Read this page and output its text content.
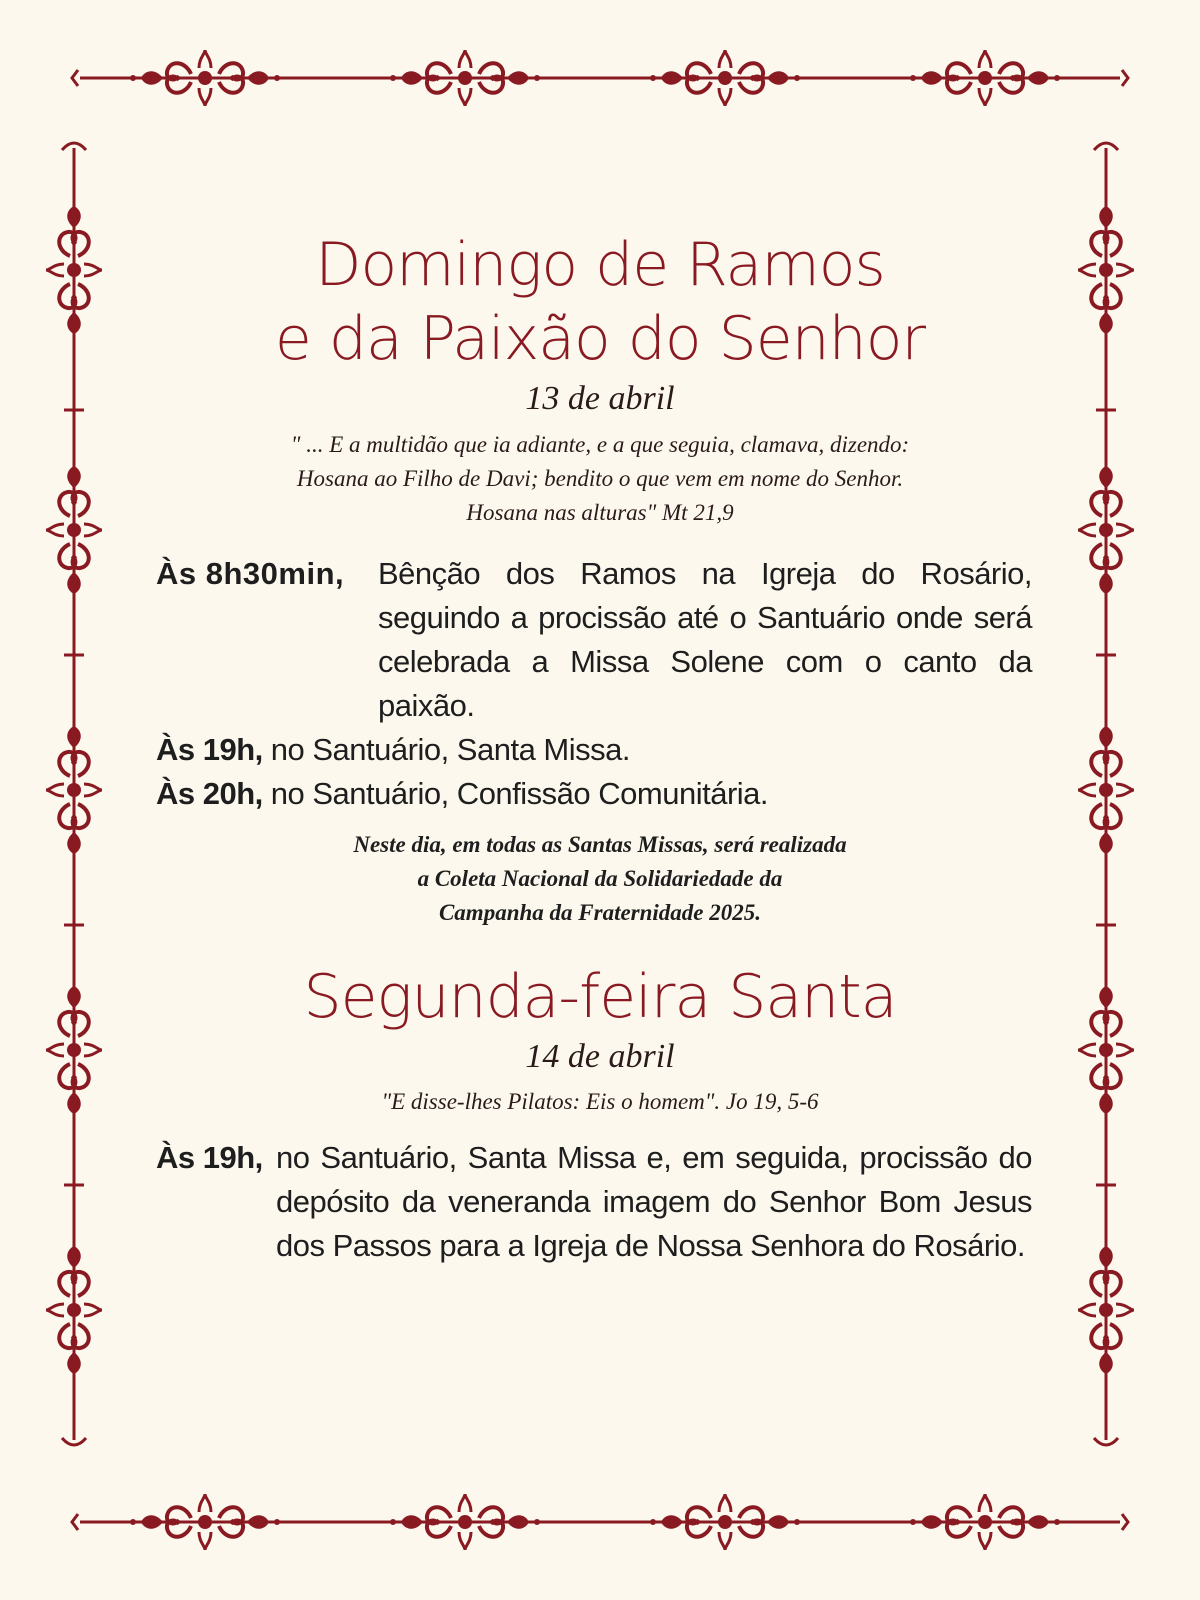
Domingo de Ramos
e da Paixão do Senhor
13 de abril
" ... E a multidão que ia adiante, e a que seguia, clamava, dizendo:
Hosana ao Filho de Davi; bendito o que vem em nome do Senhor.
Hosana nas alturas" Mt 21,9
Às 8h30min,	Bênção dos Ramos na Igreja do Rosário, seguindo a procissão até o Santuário onde será celebrada a Missa Solene com o canto da paixão.
Às 19h, no Santuário, Santa Missa.
Às 20h, no Santuário, Confissão Comunitária.
Neste dia, em todas as Santas Missas, será realizada
a Coleta Nacional da Solidariedade da
Campanha da Fraternidade 2025.
Segunda-feira Santa
14 de abril
"E disse-lhes Pilatos: Eis o homem". Jo 19, 5-6
Às 19h, no Santuário, Santa Missa e, em seguida, procissão do depósito da veneranda imagem do Senhor Bom Jesus dos Passos para a Igreja de Nossa Senhora do Rosário.
